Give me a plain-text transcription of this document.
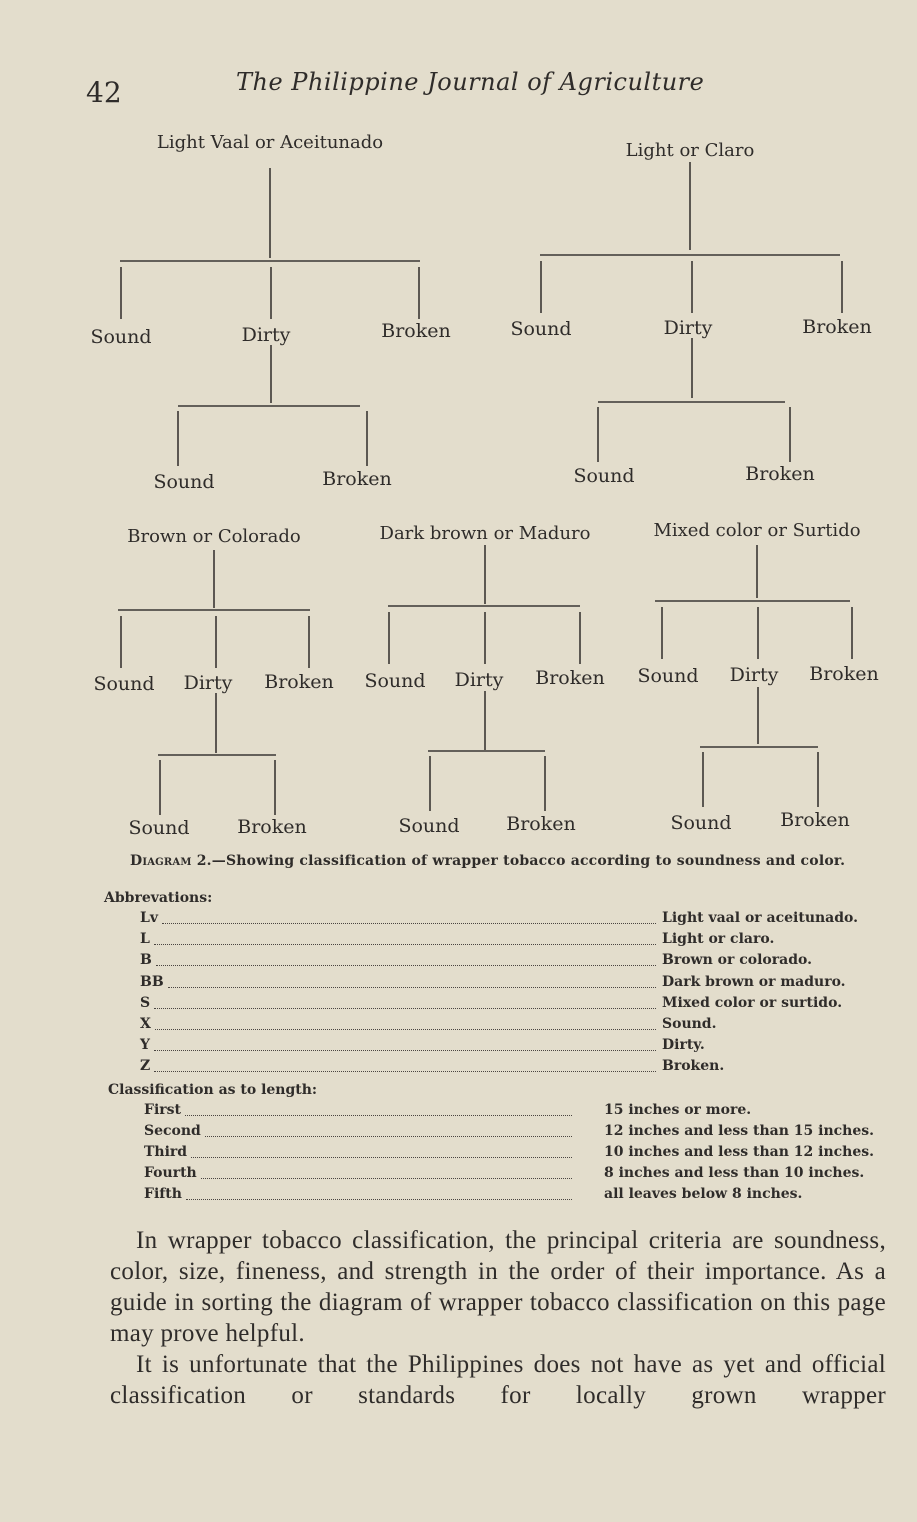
42	The Philippine Journal of Agriculture
Light Vaal or Aceitunado
Sound	Dirty	Broken
Sound	Broken
Light or Claro
Sound	Dirty	Broken
Sound	Broken
Brown or Colorado
Sound Dirty Broken
Sound	Broken
Dark brown or Maduro
Sound Dirty Broken
Sound Broken
Mixed color or Surtido
Sound Dirty Broken
Sound	Broken
Diagram 2.—Showing classification of wrapper tobacco according to soundness and color.
Abbrevations:
Lv	Light vaal or aceitunado.
L	Light or claro.
B	Brown or colorado.
BB	Dark brown or maduro.
S	Mixed color or surtido.
X	Sound.
Y	Dirty.
Z	Broken.
Classification as to length:
First	15 inches or more.
Second	12 inches and less than 15 inches.
Third	10 inches and less than 12 inches.
Fourth	8 inches and less than 10 inches.
Fifth	all leaves below 8 inches.

In wrapper tobacco classification, the principal criteria are soundness, color, size, fineness, and strength in the order of their importance. As a guide in sorting the diagram of wrapper tobacco classification on this page may prove helpful.

It is unfortunate that the Philippines does not have as yet and official classification or standards for locally grown wrapper
